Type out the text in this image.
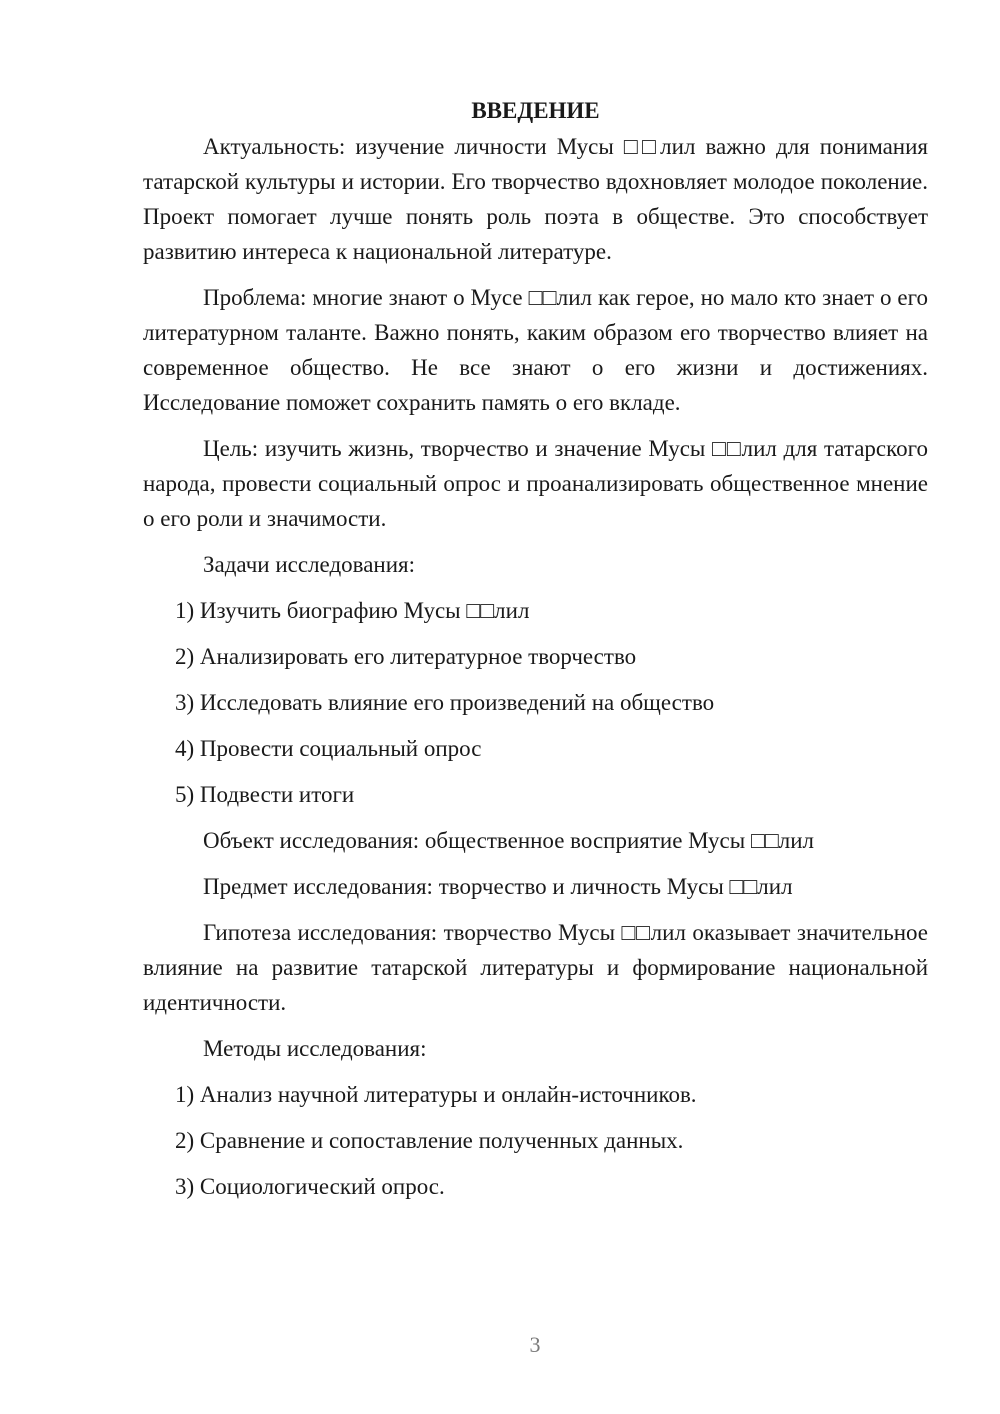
ВВЕДЕНИЕ

Актуальность: изучение личности Мусы □□лил важно для понимания татарской культуры и истории. Его творчество вдохновляет молодое поколение. Проект помогает лучше понять роль поэта в обществе. Это способствует развитию интереса к национальной литературе.

Проблема: многие знают о Мусе □□лил как герое, но мало кто знает о его литературном таланте. Важно понять, каким образом его творчество влияет на современное общество. Не все знают о его жизни и достижениях. Исследование поможет сохранить память о его вкладе.

Цель: изучить жизнь, творчество и значение Мусы □□лил для татарского народа, провести социальный опрос и проанализировать общественное мнение о его роли и значимости.

Задачи исследования:

1) Изучить биографию Мусы □□лил

2) Анализировать его литературное творчество

3) Исследовать влияние его произведений на общество

4) Провести социальный опрос

5) Подвести итоги

Объект исследования: общественное восприятие Мусы □□лил

Предмет исследования: творчество и личность Мусы □□лил

Гипотеза исследования: творчество Мусы □□лил оказывает значительное влияние на развитие татарской литературы и формирование национальной идентичности.

Методы исследования:

1) Анализ научной литературы и онлайн-источников.

2) Сравнение и сопоставление полученных данных.

3) Социологический опрос.

3
